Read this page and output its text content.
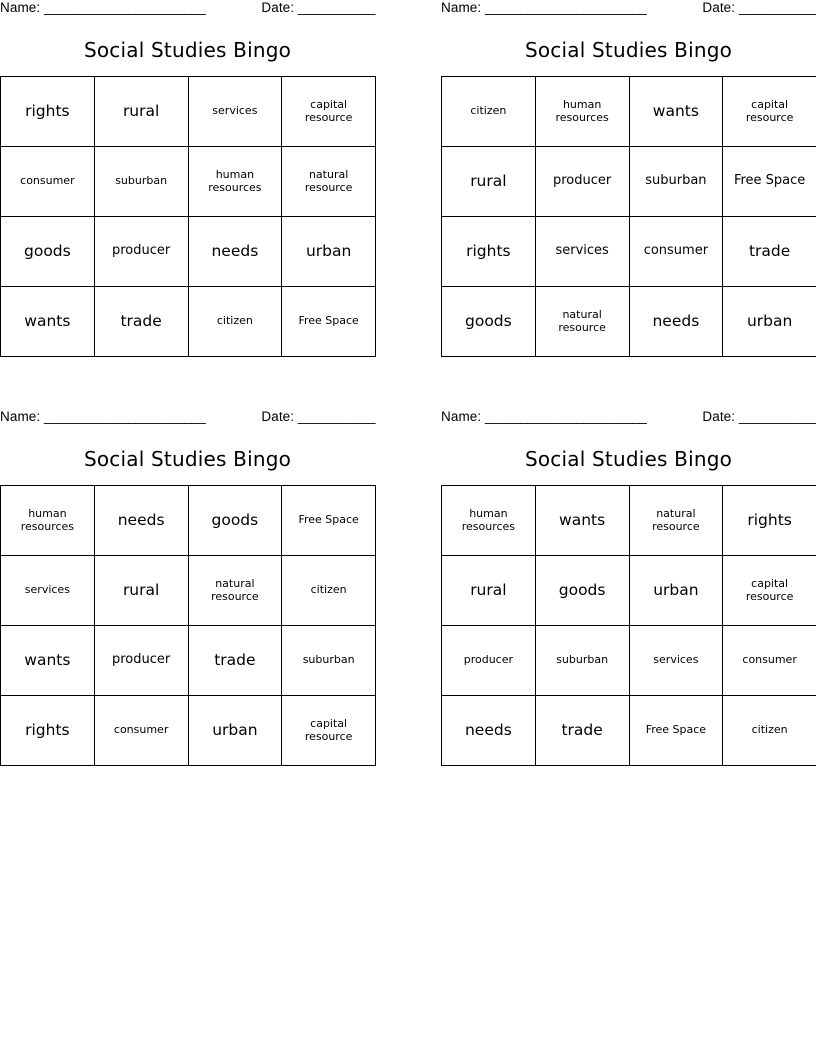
Name: _______________________	Date: ___________
Social Studies Bingo
rights	rural	services	capital resource
consumer	suburban	human resources	natural resource
goods	producer	needs	urban
wants	trade	citizen	Free Space
Name: _______________________	Date: ___________
Social Studies Bingo
citizen	human resources	wants	capital resource
rural	producer	suburban	Free Space
rights	services	consumer	trade
goods	natural resource	needs	urban
Name: _______________________	Date: ___________
Social Studies Bingo
human resources	needs	goods	Free Space
services	rural	natural resource	citizen
wants	producer	trade	suburban
rights	consumer	urban	capital resource
Name: _______________________	Date: ___________
Social Studies Bingo
human resources	wants	natural resource	rights
rural	goods	urban	capital resource
producer	suburban	services	consumer
needs	trade	Free Space	citizen
